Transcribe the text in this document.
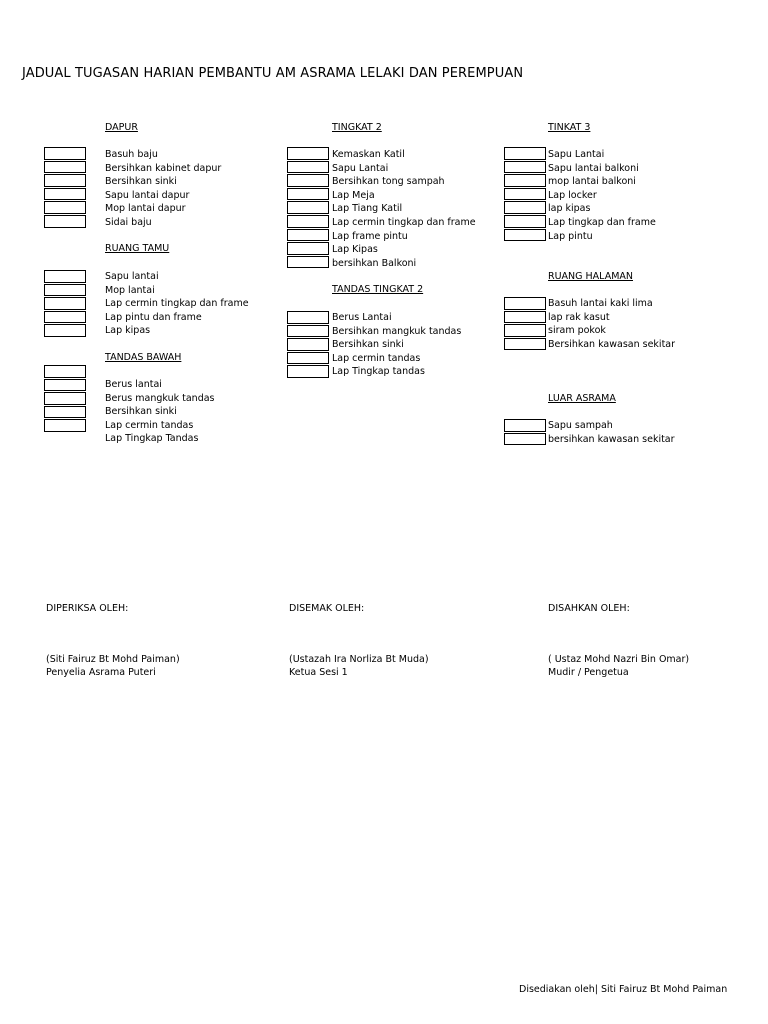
JADUAL TUGASAN HARIAN PEMBANTU AM ASRAMA LELAKI DAN PEREMPUAN
DAPUR
Basuh baju
Bersihkan kabinet dapur
Bersihkan sinki
Sapu lantai dapur
Mop lantai dapur
Sidai baju
RUANG TAMU
Sapu lantai
Mop lantai
Lap cermin tingkap dan frame
Lap pintu dan frame
Lap kipas
TANDAS BAWAH
Berus lantai
Berus mangkuk tandas
Bersihkan sinki
Lap cermin tandas
Lap Tingkap Tandas
TINGKAT 2
Kemaskan Katil
Sapu Lantai
Bersihkan tong sampah
Lap Meja
Lap Tiang Katil
Lap cermin tingkap dan frame
Lap frame pintu
Lap Kipas
bersihkan Balkoni
TANDAS TINGKAT 2
Berus Lantai
Bersihkan mangkuk tandas
Bersihkan sinki
Lap cermin tandas
Lap Tingkap tandas
TINKAT 3
Sapu Lantai
Sapu lantai balkoni
mop lantai balkoni
Lap locker
lap kipas
Lap tingkap dan frame
Lap pintu
RUANG HALAMAN
Basuh lantai kaki lima
lap rak kasut
siram pokok
Bersihkan kawasan sekitar
LUAR ASRAMA
Sapu sampah
bersihkan kawasan sekitar
DIPERIKSA OLEH:
(Siti Fairuz Bt Mohd Paiman)
Penyelia Asrama Puteri
DISEMAK OLEH:
(Ustazah Ira Norliza Bt Muda)
Ketua Sesi 1
DISAHKAN OLEH:
( Ustaz Mohd Nazri Bin Omar)
Mudir / Pengetua
Disediakan oleh| Siti Fairuz Bt Mohd Paiman
